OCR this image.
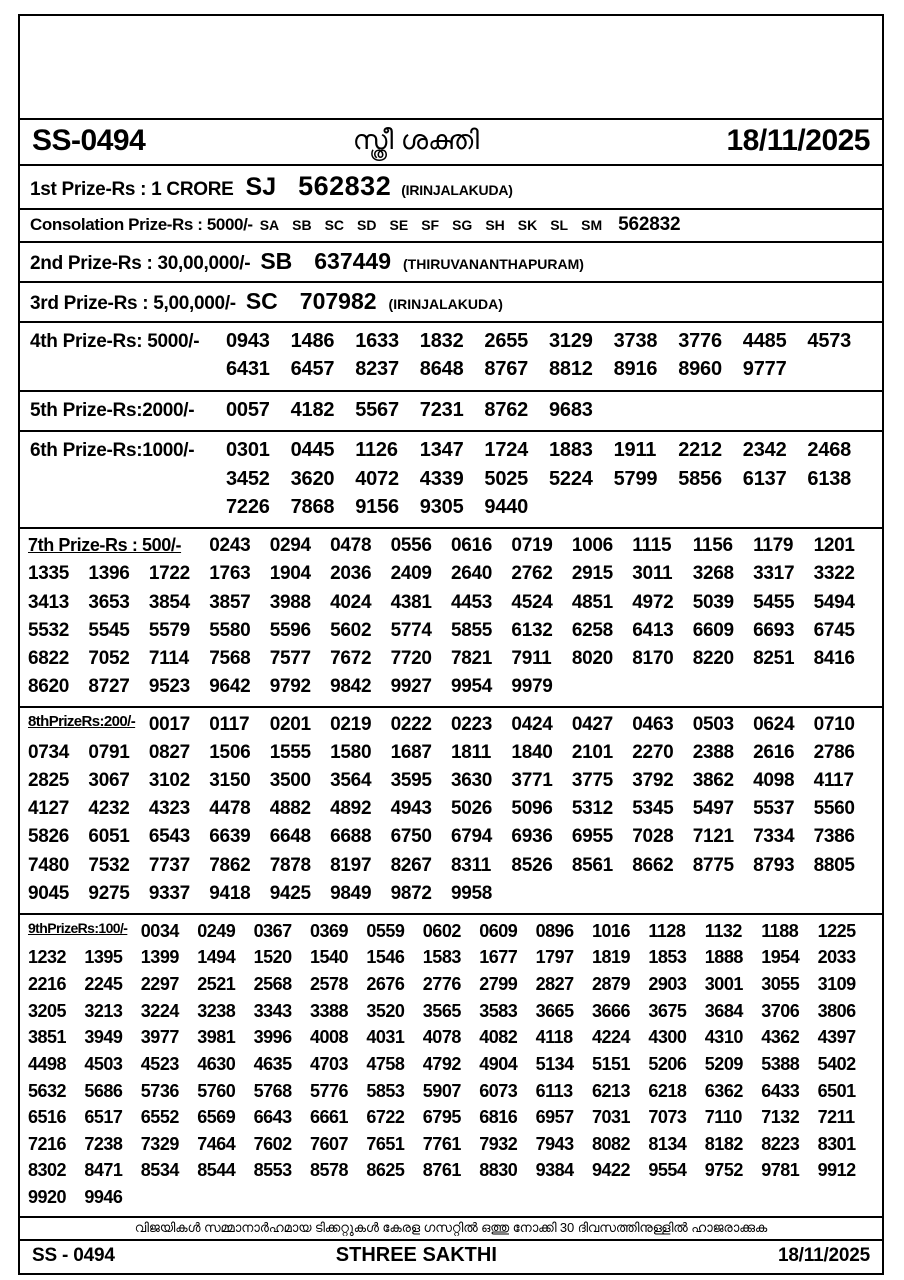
SS-0494	സ്ത്രീ ശക്തി	18/11/2025
1st Prize-Rs : 1 CRORE SJ 562832 (IRINJALAKUDA)
Consolation Prize-Rs : 5000/- SA SB SC SD SE SF SG SH SK SL SM 562832
2nd Prize-Rs : 30,00,000/- SB 637449 (THIRUVANANTHAPURAM)
3rd Prize-Rs : 5,00,000/- SC 707982 (IRINJALAKUDA)
4th Prize-Rs: 5000/-	0943	1486	1633	1832	2655	3129	3738	3776	4485	4573
6431	6457	8237	8648	8767	8812	8916	8960	9777
5th Prize-Rs:2000/-	0057	4182	5567	7231	8762	9683
6th Prize-Rs:1000/-	0301	0445	1126	1347	1724	1883	1911	2212	2342	2468
3452	3620	4072	4339	5025	5224	5799	5856	6137	6138
7226	7868	9156	9305	9440
7th Prize-Rs : 500/-	0243	0294	0478	0556	0616	0719	1006	1115	1156	1179	1201
1335	1396	1722	1763	1904	2036	2409	2640	2762	2915	3011	3268	3317	3322
3413	3653	3854	3857	3988	4024	4381	4453	4524	4851	4972	5039	5455	5494
5532	5545	5579	5580	5596	5602	5774	5855	6132	6258	6413	6609	6693	6745
6822	7052	7114	7568	7577	7672	7720	7821	7911	8020	8170	8220	8251	8416
8620	8727	9523	9642	9792	9842	9927	9954	9979
8thPrizeRs:200/- 0017	0117	0201	0219	0222	0223	0424	0427	0463	0503	0624	0710
0734	0791	0827	1506	1555	1580	1687	1811	1840	2101	2270	2388	2616	2786
2825	3067	3102	3150	3500	3564	3595	3630	3771	3775	3792	3862	4098	4117
4127	4232	4323	4478	4882	4892	4943	5026	5096	5312	5345	5497	5537	5560
5826	6051	6543	6639	6648	6688	6750	6794	6936	6955	7028	7121	7334	7386
7480	7532	7737	7862	7878	8197	8267	8311	8526	8561	8662	8775	8793	8805
9045	9275	9337	9418	9425	9849	9872	9958
9thPrizeRs:100/- 0034	0249	0367	0369	0559	0602	0609	0896	1016	1128	1132	1188	1225
1232	1395	1399	1494	1520	1540	1546	1583	1677	1797	1819	1853	1888	1954	2033
2216	2245	2297	2521	2568	2578	2676	2776	2799	2827	2879	2903	3001	3055	3109
3205	3213	3224	3238	3343	3388	3520	3565	3583	3665	3666	3675	3684	3706	3806
3851	3949	3977	3981	3996	4008	4031	4078	4082	4118	4224	4300	4310	4362	4397
4498	4503	4523	4630	4635	4703	4758	4792	4904	5134	5151	5206	5209	5388	5402
5632	5686	5736	5760	5768	5776	5853	5907	6073	6113	6213	6218	6362	6433	6501
6516	6517	6552	6569	6643	6661	6722	6795	6816	6957	7031	7073	7110	7132	7211
7216	7238	7329	7464	7602	7607	7651	7761	7932	7943	8082	8134	8182	8223	8301
8302	8471	8534	8544	8553	8578	8625	8761	8830	9384	9422	9554	9752	9781	9912
9920	9946
വിജയികൾ സമ്മാനാർഹമായ ടിക്കറ്റുകൾ കേരള ഗസറ്റിൽ ഒത്തു നോക്കി 30 ദിവസത്തിനുള്ളിൽ ഹാജരാക്കുക
SS - 0494	STHREE SAKTHI	18/11/2025
